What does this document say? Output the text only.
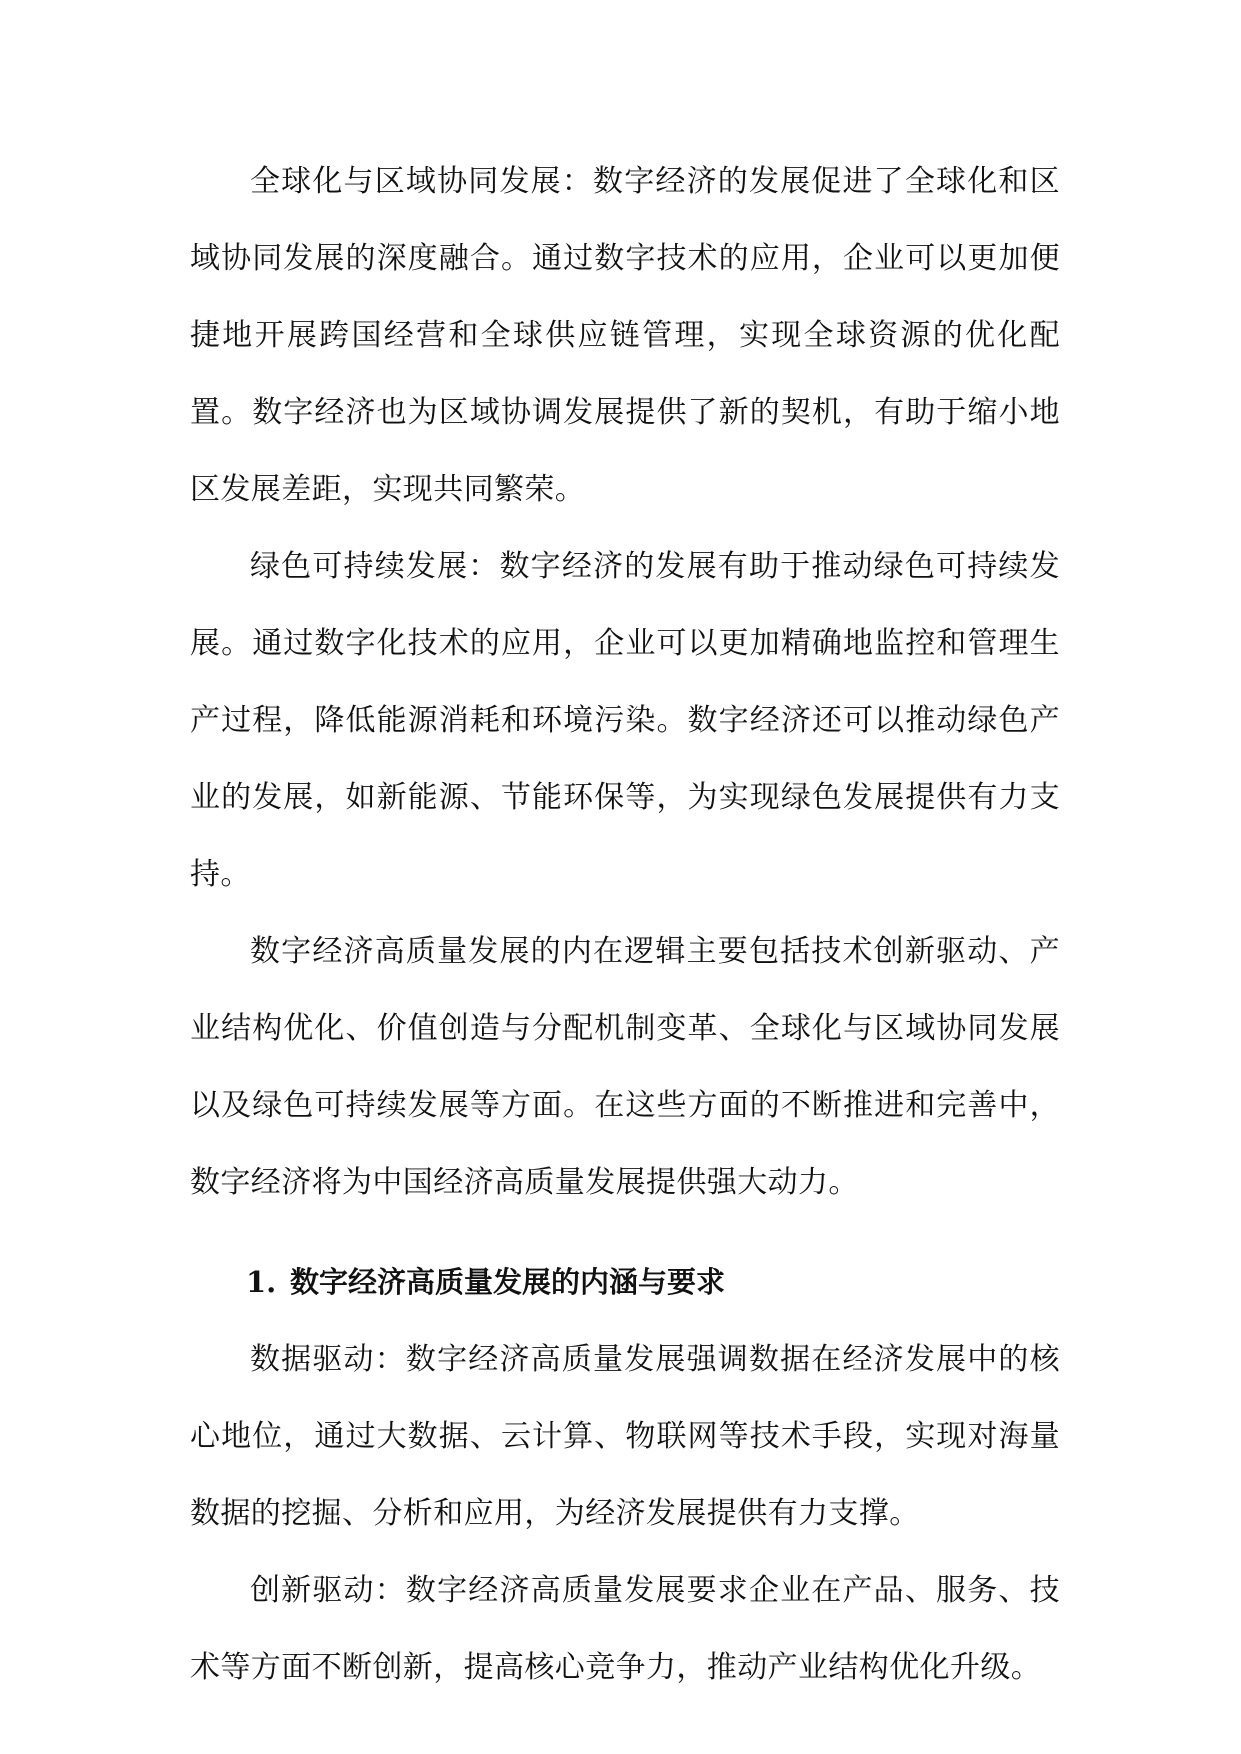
全球化与区域协同发展：数字经济的发展促进了全球化和区域协同发展的深度融合。通过数字技术的应用，企业可以更加便捷地开展跨国经营和全球供应链管理，实现全球资源的优化配置。数字经济也为区域协调发展提供了新的契机，有助于缩小地区发展差距，实现共同繁荣。

绿色可持续发展：数字经济的发展有助于推动绿色可持续发展。通过数字化技术的应用，企业可以更加精确地监控和管理生产过程，降低能源消耗和环境污染。数字经济还可以推动绿色产业的发展，如新能源、节能环保等，为实现绿色发展提供有力支持。

数字经济高质量发展的内在逻辑主要包括技术创新驱动、产业结构优化、价值创造与分配机制变革、全球化与区域协同发展以及绿色可持续发展等方面。在这些方面的不断推进和完善中，数字经济将为中国经济高质量发展提供强大动力。

1. 数字经济高质量发展的内涵与要求

数据驱动：数字经济高质量发展强调数据在经济发展中的核心地位，通过大数据、云计算、物联网等技术手段，实现对海量数据的挖掘、分析和应用，为经济发展提供有力支撑。

创新驱动：数字经济高质量发展要求企业在产品、服务、技术等方面不断创新，提高核心竞争力，推动产业结构优化升级。
